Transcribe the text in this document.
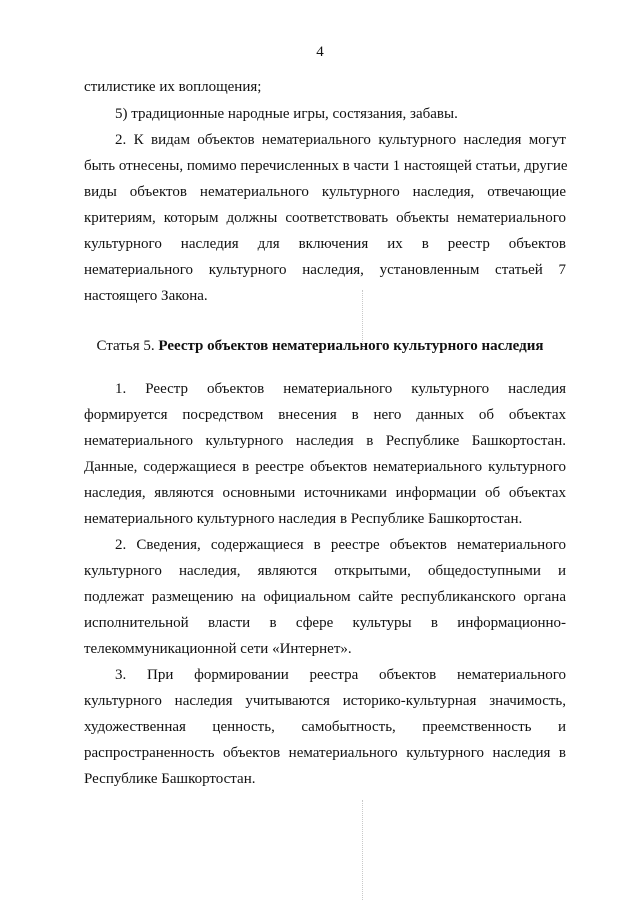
4
стилистике их воплощения;
5) традиционные народные игры, состязания, забавы.
2. К видам объектов нематериального культурного наследия могут
быть отнесены, помимо перечисленных в части 1 настоящей статьи, другие
виды объектов нематериального культурного наследия, отвечающие
критериям, которым должны соответствовать объекты нематериального
культурного наследия для включения их в реестр объектов
нематериального культурного наследия, установленным статьей 7
настоящего Закона.
Статья 5. Реестр объектов нематериального культурного наследия
1. Реестр объектов нематериального культурного наследия
формируется посредством внесения в него данных об объектах
нематериального культурного наследия в Республике Башкортостан.
Данные, содержащиеся в реестре объектов нематериального культурного
наследия, являются основными источниками информации об объектах
нематериального культурного наследия в Республике Башкортостан.
2. Сведения, содержащиеся в реестре объектов нематериального
культурного наследия, являются открытыми, общедоступными и
подлежат размещению на официальном сайте республиканского органа
исполнительной власти в сфере культуры в информационно-
телекоммуникационной сети «Интернет».
3. При формировании реестра объектов нематериального
культурного наследия учитываются историко-культурная значимость,
художественная ценность, самобытность, преемственность и
распространенность объектов нематериального культурного наследия в
Республике Башкортостан.
